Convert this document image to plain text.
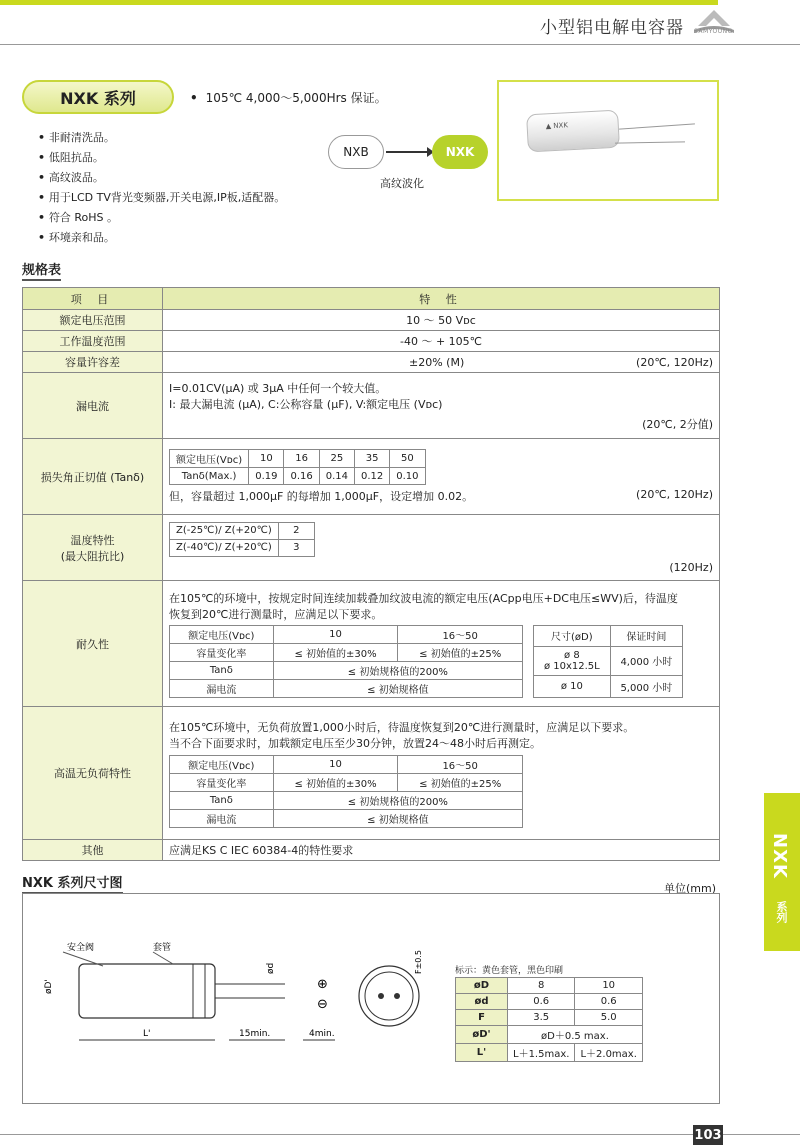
小型铝电解电容器 SAMYOUNG
NXK 系列	• 105℃ 4,000～5,000Hrs 保证。
• 非耐清洗品。
• 低阻抗品。
• 高纹波品。
• 用于LCD TV背光变频器,开关电源,IP板,适配器。
• 符合 RoHS 。
• 环境亲和品。
NXB	NXK
高纹波化
▲ NXK
规格表
项 目	特 性
额定电压范围	10 ～ 50 Vᴅᴄ
工作温度范围	-40 ～ + 105℃
容量许容差	±20% (M)	(20℃, 120Hz)

漏电流	
I=0.01CV(μA) 或 3μA 中任何一个较大值。
I: 最大漏电流 (μA), C:公称容量 (μF), V:额定电压 (Vᴅᴄ)
(20℃, 2分值)

损失角正切值 (Tanδ)	
额定电压(Vᴅᴄ)	10	16	25	35	50
Tanδ(Max.)	0.19	0.16	0.14	0.12	0.10
但，容量超过 1,000μF 的每增加 1,000μF，设定增加 0.02。	(20℃, 120Hz)

温度特性
(最大阻抗比)

Z(-25℃)/ Z(+20℃)	2
Z(-40℃)/ Z(+20℃)	3
(120Hz)

耐久性	
在105℃的环境中，按规定时间连续加载叠加纹波电流的额定电压(ACpp电压+DC电压≤WV)后，待温度
恢复到20℃进行测量时，应满足以下要求。
额定电压(Vᴅᴄ)	10	16～50
容量变化率	≤ 初始值的±30%	≤ 初始值的±25%
Tanδ	≤ 初始规格值的200%
漏电流	≤ 初始规格值
尺寸(øD)	保证时间

ø 8
ø 10x12.5L	4,000 小时
ø 10	5,000 小时

高温无负荷特性	
在105℃环境中，无负荷放置1,000小时后，待温度恢复到20℃进行测量时，应满足以下要求。
当不合下面要求时，加载额定电压至少30分钟，放置24～48小时后再测定。
额定电压(Vᴅᴄ)	10	16～50
容量变化率	≤ 初始值的±30%	≤ 初始值的±25%
Tanδ	≤ 初始规格值的200%
漏电流	≤ 初始规格值

其他	应满足KS C IEC 60384-4的特性要求
NXK 系列尺寸图	单位(mm)
安全阀	套管
øD'
ød
L'	15min.	4min.
⊕
⊖
F±0.5	标示：黄色套管，黑色印刷
øD	8	10
ød	0.6	0.6
F	3.5	5.0
øD'	øD＋0.5 max.	
L'	L＋1.5max.	L＋2.0max.
NXK
系列
103
